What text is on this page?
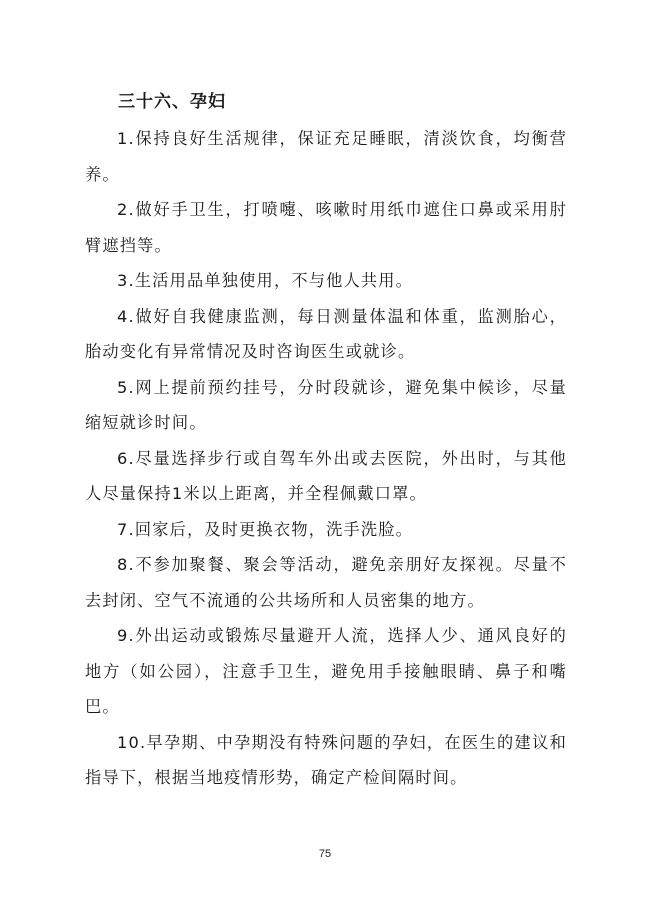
三十六、孕妇
1.保持良好生活规律，保证充足睡眠，清淡饮食，均衡营养。
2.做好手卫生，打喷嚏、咳嗽时用纸巾遮住口鼻或采用肘臂遮挡等。
3.生活用品单独使用，不与他人共用。
4.做好自我健康监测，每日测量体温和体重，监测胎心，胎动变化有异常情况及时咨询医生或就诊。
5.网上提前预约挂号，分时段就诊，避免集中候诊，尽量缩短就诊时间。
6.尽量选择步行或自驾车外出或去医院，外出时，与其他人尽量保持1米以上距离，并全程佩戴口罩。
7.回家后，及时更换衣物，洗手洗脸。
8.不参加聚餐、聚会等活动，避免亲朋好友探视。尽量不去封闭、空气不流通的公共场所和人员密集的地方。
9.外出运动或锻炼尽量避开人流，选择人少、通风良好的地方（如公园），注意手卫生，避免用手接触眼睛、鼻子和嘴巴。
10.早孕期、中孕期没有特殊问题的孕妇，在医生的建议和指导下，根据当地疫情形势，确定产检间隔时间。
75
